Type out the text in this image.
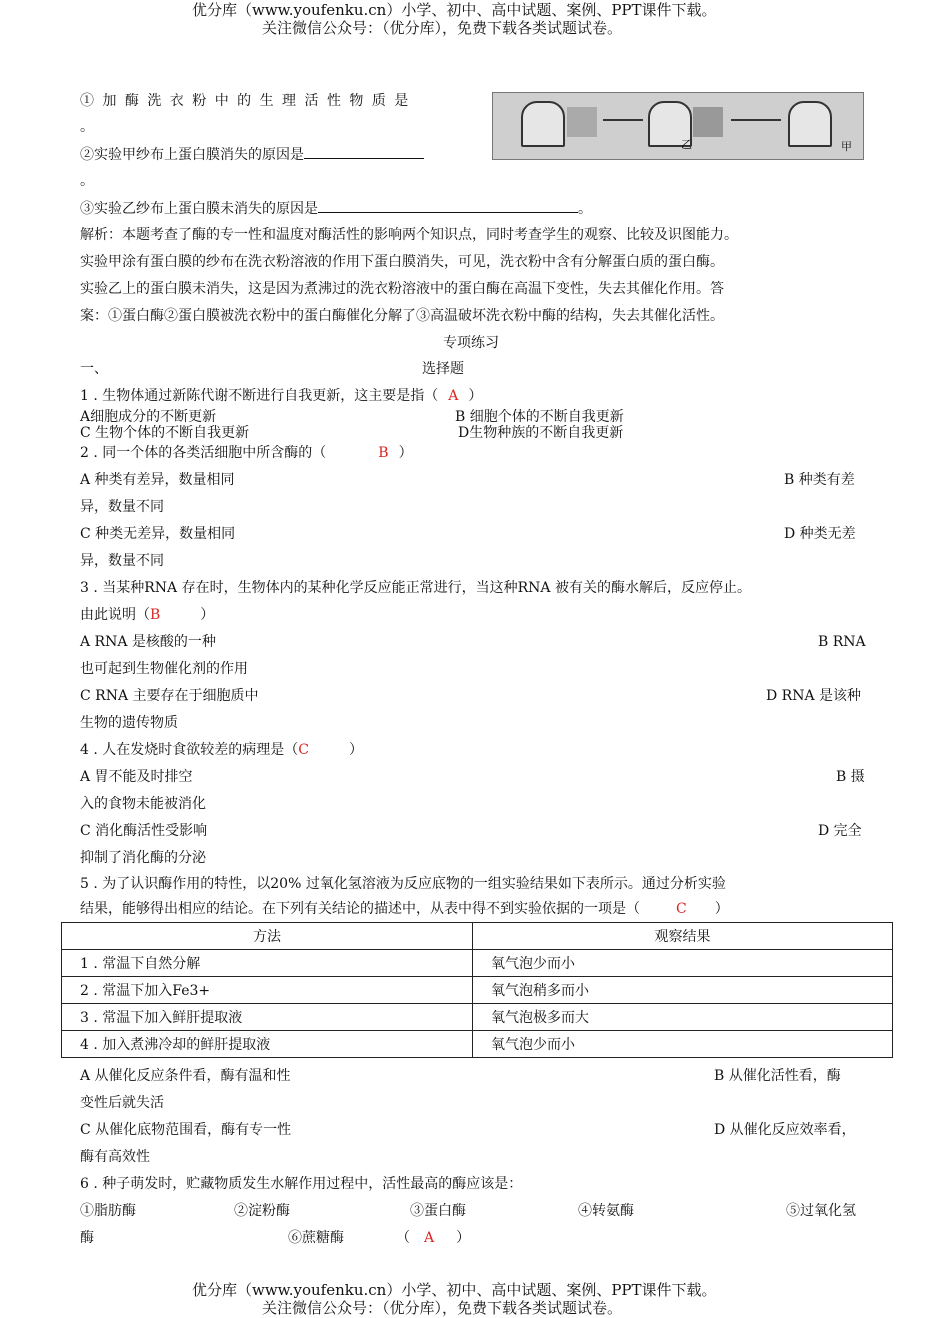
优分库（www.youfenku.cn）小学、初中、高中试题、案例、PPT课件下载。
关注微信公众号：（优分库），免费下载各类试题试卷。
乙	甲
① 加 酶 洗 衣 粉 中 的 生 理 活 性 物 质 是
。
②实验甲纱布上蛋白膜消失的原因是
。
③实验乙纱布上蛋白膜未消失的原因是	。
解析：本题考查了酶的专一性和温度对酶活性的影响两个知识点，同时考查学生的观察、比较及识图能力。
实验甲涂有蛋白膜的纱布在洗衣粉溶液的作用下蛋白膜消失，可见，洗衣粉中含有分解蛋白质的蛋白酶。
实验乙上的蛋白膜未消失，这是因为煮沸过的洗衣粉溶液中的蛋白酶在高温下变性，失去其催化作用。答
案：①蛋白酶②蛋白膜被洗衣粉中的蛋白酶催化分解了③高温破坏洗衣粉中酶的结构，失去其催化活性。
专项练习
一、	选择题
1 . 生物体通过新陈代谢不断进行自我更新，这主要是指（ A ）
A细胞成分的不断更新	B 细胞个体的不断自我更新
C 生物个体的不断自我更新	D生物种族的不断自我更新
2 . 同一个体的各类活细胞中所含酶的（	B ）
A 种类有差异，数量相同	B 种类有差
异，数量不同
C 种类无差异，数量相同	D 种类无差
异，数量不同
3 . 当某种RNA 存在时，生物体内的某种化学反应能正常进行，当这种RNA 被有关的酶水解后，反应停止。
由此说明（B	）
A RNA 是核酸的一种	B RNA
也可起到生物催化剂的作用
C RNA 主要存在于细胞质中	D RNA 是该种
生物的遗传物质
4 . 人在发烧时食欲较差的病理是（C	）
A 胃不能及时排空	B 摄
入的食物未能被消化
C 消化酶活性受影响	D 完全
抑制了消化酶的分泌
5 . 为了认识酶作用的特性，以20% 过氧化氢溶液为反应底物的一组实验结果如下表所示。通过分析实验
结果，能够得出相应的结论。在下列有关结论的描述中，从表中得不到实验依据的一项是（	C ）
方法	观察结果
1 . 常温下自然分解	氧气泡少而小
2 . 常温下加入Fe3+	氧气泡稍多而小
3 . 常温下加入鲜肝提取液	氧气泡极多而大
4 . 加入煮沸冷却的鲜肝提取液	氧气泡少而小
A 从催化反应条件看，酶有温和性	B 从催化活性看，酶
变性后就失活
C 从催化底物范围看，酶有专一性	D 从催化反应效率看，
酶有高效性
6 . 种子萌发时，贮藏物质发生水解作用过程中，活性最高的酶应该是：
①脂肪酶	②淀粉酶	③蛋白酶	④转氨酶	⑤过氧化氢
酶	⑥蔗糖酶	（ A ）
优分库（www.youfenku.cn）小学、初中、高中试题、案例、PPT课件下载。
关注微信公众号：（优分库），免费下载各类试题试卷。
